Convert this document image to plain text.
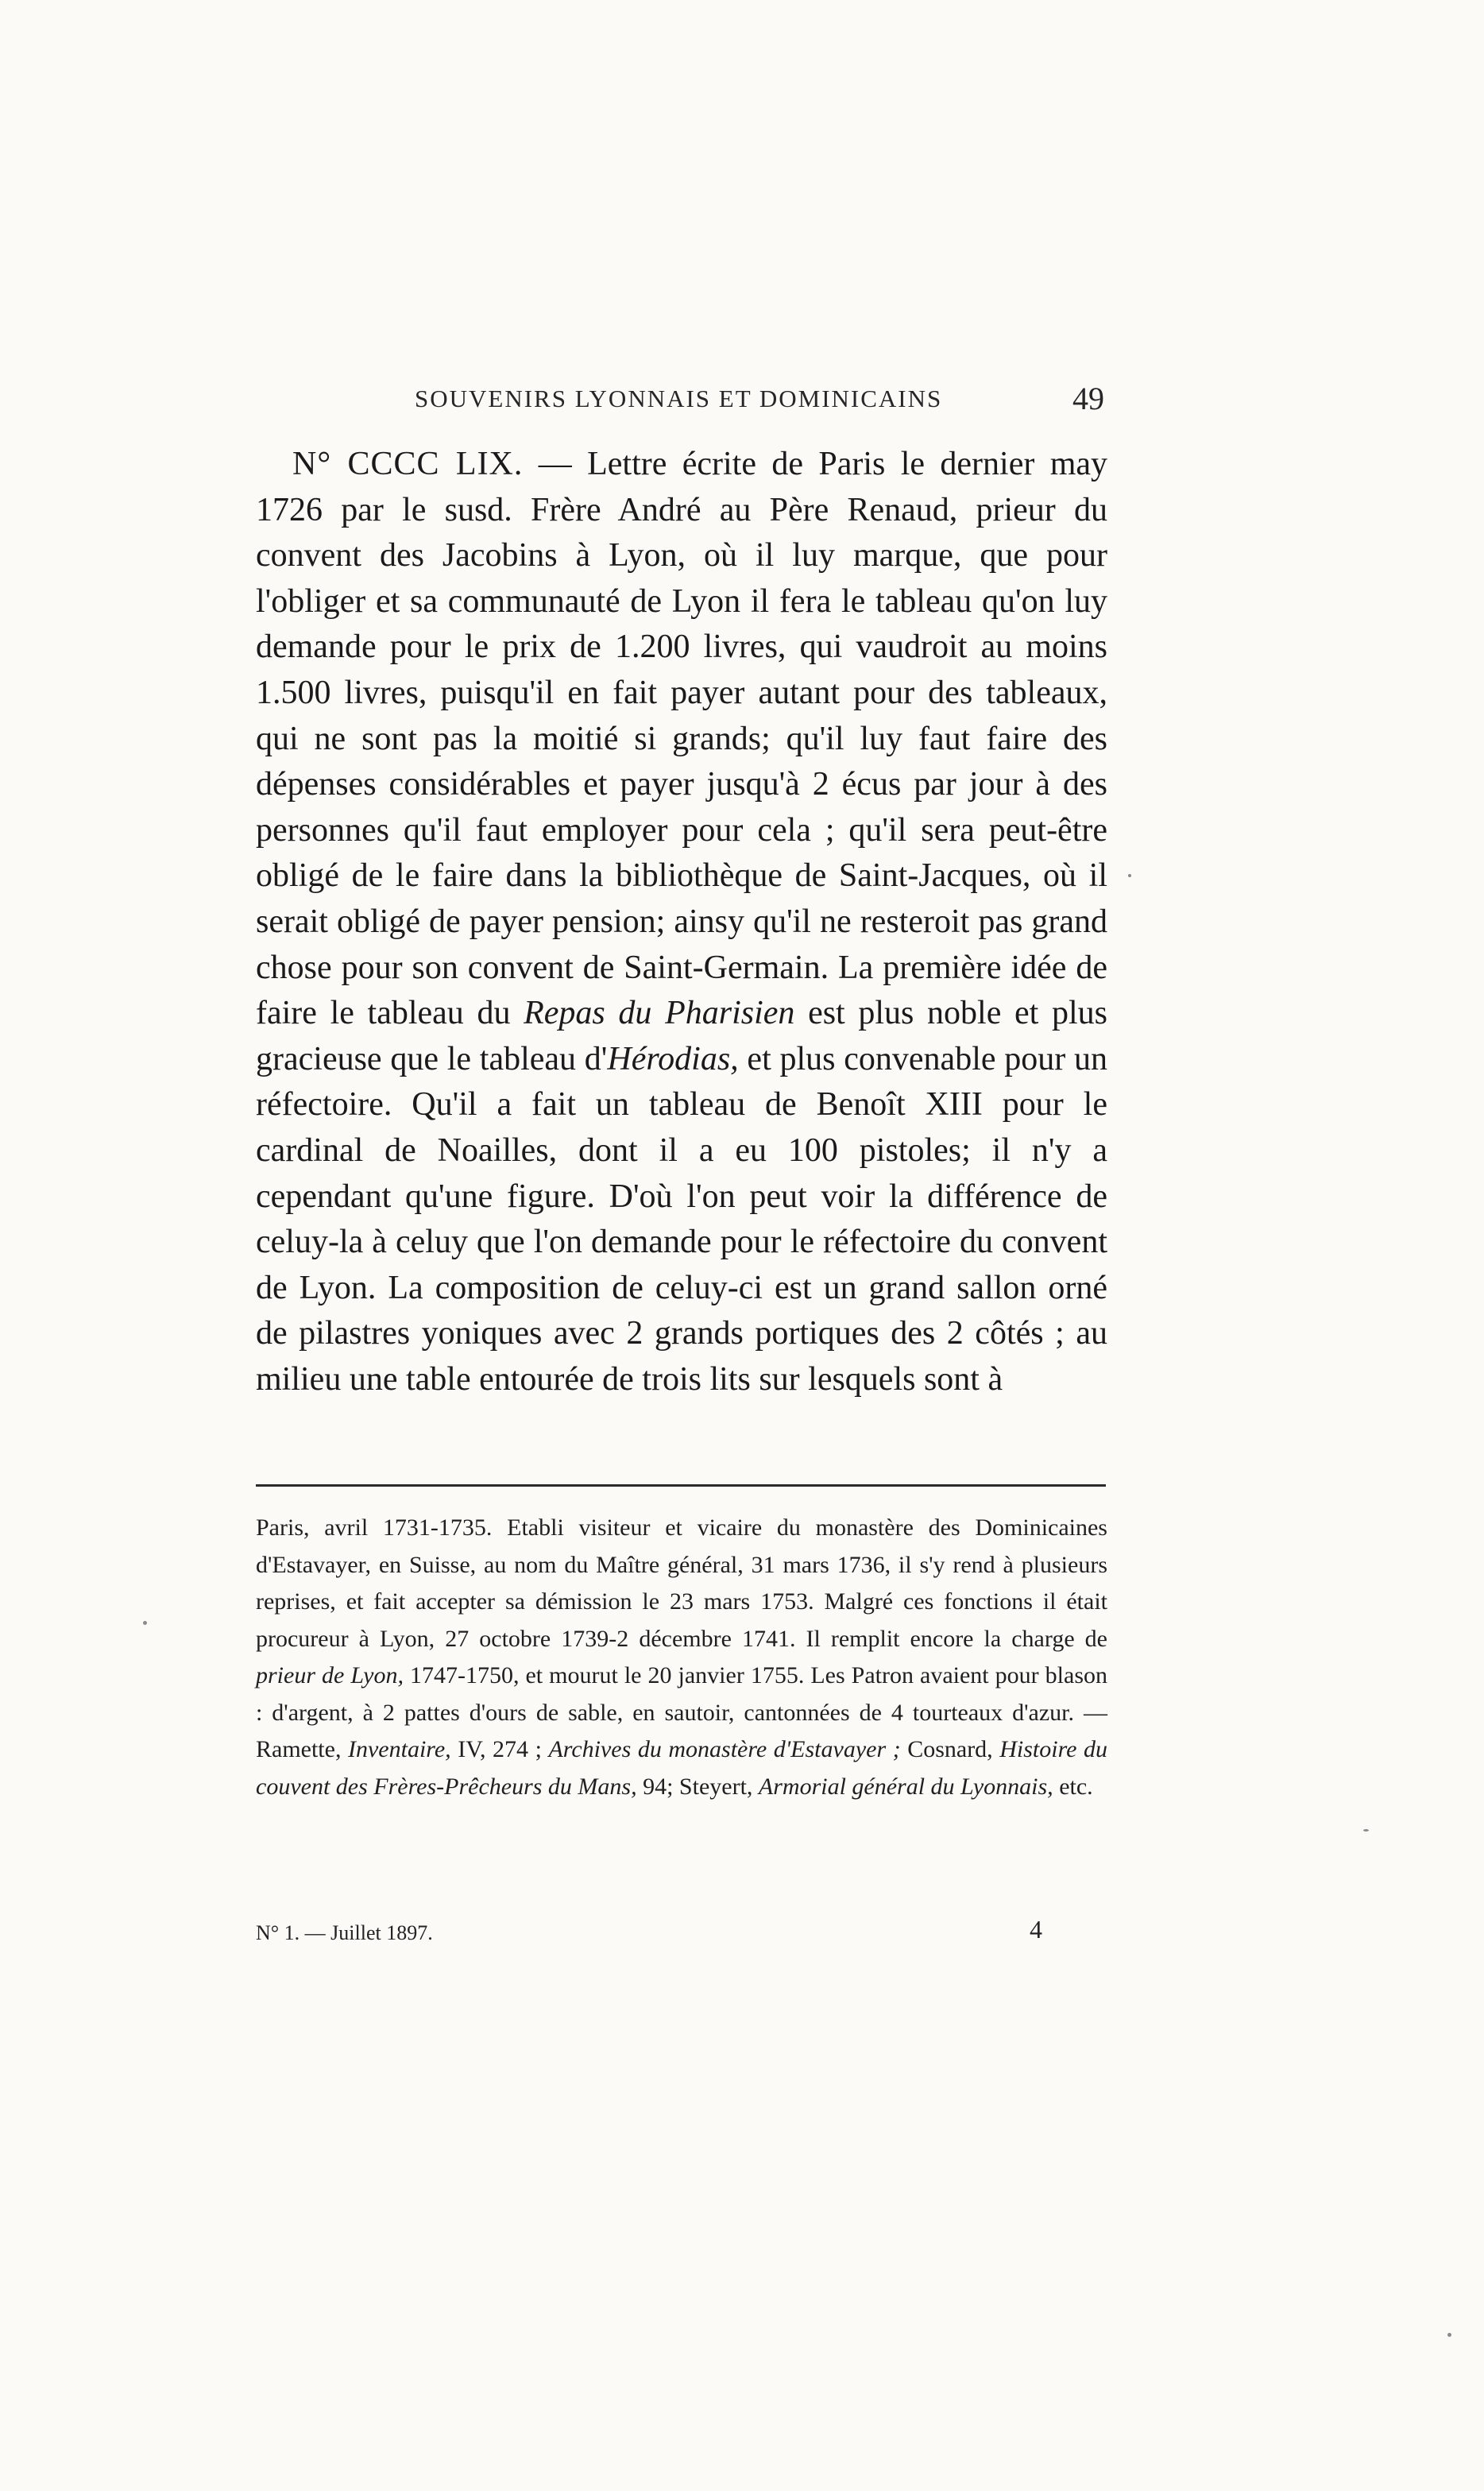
SOUVENIRS LYONNAIS ET DOMINICAINS	49

N° CCCC LIX. — Lettre écrite de Paris le dernier may 1726 par le susd. Frère André au Père Renaud, prieur du convent des Jacobins à Lyon, où il luy marque, que pour l'obliger et sa communauté de Lyon il fera le tableau qu'on luy demande pour le prix de 1.200 livres, qui vaudroit au moins 1.500 livres, puisqu'il en fait payer autant pour des tableaux, qui ne sont pas la moitié si grands; qu'il luy faut faire des dépenses considérables et payer jusqu'à 2 écus par jour à des personnes qu'il faut employer pour cela ; qu'il sera peut-être obligé de le faire dans la bibliothèque de Saint-Jacques, où il serait obligé de payer pension; ainsy qu'il ne resteroit pas grand chose pour son convent de Saint-Germain. La première idée de faire le tableau du Repas du Pharisien est plus noble et plus gracieuse que le tableau d'Hérodias, et plus convenable pour un réfectoire. Qu'il a fait un tableau de Benoît XIII pour le cardinal de Noailles, dont il a eu 100 pistoles; il n'y a cependant qu'une figure. D'où l'on peut voir la différence de celuy-la à celuy que l'on demande pour le réfectoire du convent de Lyon. La composition de celuy-ci est un grand sallon orné de pilastres yoniques avec 2 grands portiques des 2 côtés ; au milieu une table entourée de trois lits sur lesquels sont à

Paris, avril 1731-1735. Etabli visiteur et vicaire du monastère des Dominicaines d'Estavayer, en Suisse, au nom du Maître général, 31 mars 1736, il s'y rend à plusieurs reprises, et fait accepter sa démission le 23 mars 1753. Malgré ces fonctions il était procureur à Lyon, 27 octobre 1739-2 décembre 1741. Il remplit encore la charge de prieur de Lyon, 1747-1750, et mourut le 20 janvier 1755. Les Patron avaient pour blason : d'argent, à 2 pattes d'ours de sable, en sautoir, cantonnées de 4 tourteaux d'azur. — Ramette, Inventaire, IV, 274 ; Archives du monastère d'Estavayer ; Cosnard, Histoire du couvent des Frères-Prêcheurs du Mans, 94; Steyert, Armorial général du Lyonnais, etc.

N° 1. — Juillet 1897.	4
